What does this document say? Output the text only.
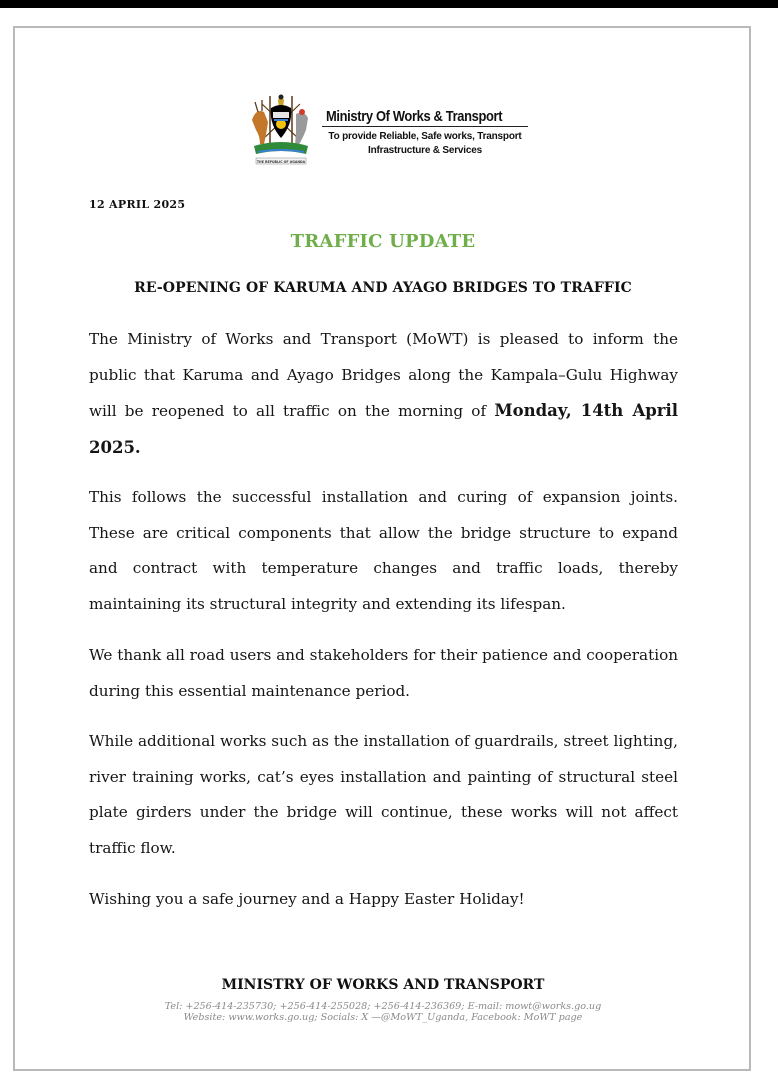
THE REPUBLIC OF UGANDA
Ministry Of Works & Transport
To provide Reliable, Safe works, Transport
Infrastructure & Services
12 APRIL 2025
TRAFFIC UPDATE
RE-OPENING OF KARUMA AND AYAGO BRIDGES TO TRAFFIC

The Ministry of Works and Transport (MoWT) is pleased to inform the public that Karuma and Ayago Bridges along the Kampala–Gulu Highway will be reopened to all traffic on the morning of Monday, 14th April 2025.

This follows the successful installation and curing of expansion joints. These are critical components that allow the bridge structure to expand and contract with temperature changes and traffic loads, thereby maintaining its structural integrity and extending its lifespan.

We thank all road users and stakeholders for their patience and cooperation during this essential maintenance period.

While additional works such as the installation of guardrails, street lighting, river training works, cat’s eyes installation and painting of structural steel plate girders under the bridge will continue, these works will not affect traffic flow.

Wishing you a safe journey and a Happy Easter Holiday!

MINISTRY OF WORKS AND TRANSPORT
Tel: +256-414-235730; +256-414-255028; +256-414-236369; E-mail: mowt@works.go.ug
Website: www.works.go.ug; Socials: X —@MoWT_Uganda, Facebook: MoWT page
